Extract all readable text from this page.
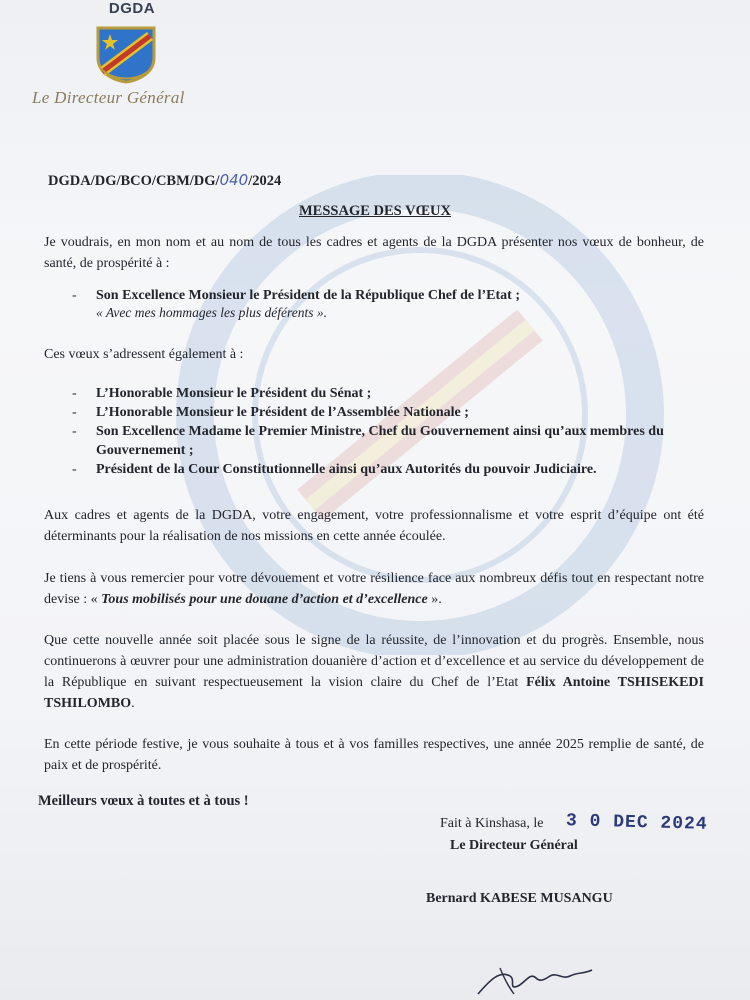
DGDA
Le Directeur Général
DGDA/DG/BCO/CBM/DG/040/2024
MESSAGE DES VŒUX
Je voudrais, en mon nom et au nom de tous les cadres et agents de la DGDA présenter nos vœux de bonheur, de santé, de prospérité à :
- Son Excellence Monsieur le Président de la République Chef de l’Etat ;
« Avec mes hommages les plus déférents ».
Ces vœux s’adressent également à :
- L’Honorable Monsieur le Président du Sénat ;
- L’Honorable Monsieur le Président de l’Assemblée Nationale ;
- Son Excellence Madame le Premier Ministre, Chef du Gouvernement ainsi qu’aux membres du Gouvernement ;
- Président de la Cour Constitutionnelle ainsi qu’aux Autorités du pouvoir Judiciaire.
Aux cadres et agents de la DGDA, votre engagement, votre professionnalisme et votre esprit d’équipe ont été déterminants pour la réalisation de nos missions en cette année écoulée.
Je tiens à vous remercier pour votre dévouement et votre résilience face aux nombreux défis tout en respectant notre devise : « Tous mobilisés pour une douane d’action et d’excellence ».
Que cette nouvelle année soit placée sous le signe de la réussite, de l’innovation et du progrès. Ensemble, nous continuerons à œuvrer pour une administration douanière d’action et d’excellence et au service du développement de la République en suivant respectueusement la vision claire du Chef de l’Etat Félix Antoine TSHISEKEDI TSHILOMBO.
En cette période festive, je vous souhaite à tous et à vos familles respectives, une année 2025 remplie de santé, de paix et de prospérité.
Meilleurs vœux à toutes et à tous !
Fait à Kinshasa, le 3 0 DEC 2024
Le Directeur Général
Bernard KABESE MUSANGU
